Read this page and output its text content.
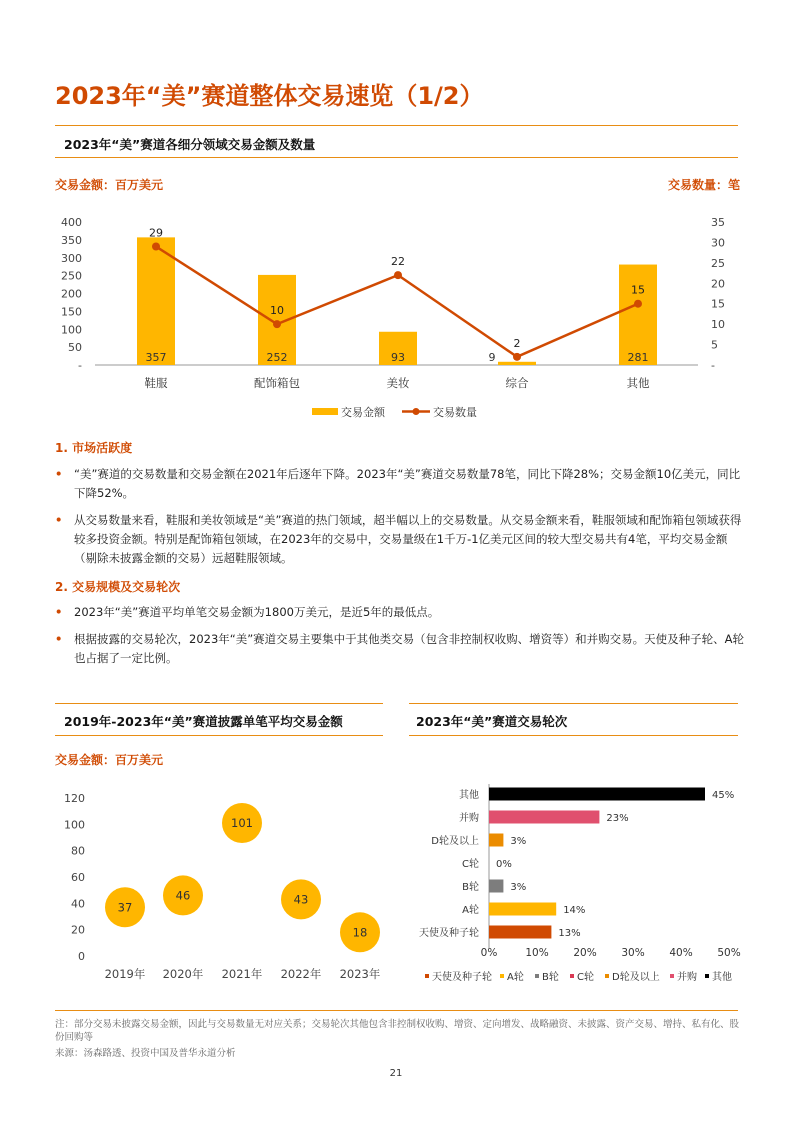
2023年“美”赛道整体交易速览（1/2）
2023年“美”赛道各细分领域交易金额及数量
交易金额：百万美元	交易数量：笔
-
50
100
150
200
250
300
350
400
-
5
10
15
20
25
30
35
357	252	93	9	281
29
10
22
2
15
鞋服	配饰箱包	美妆	综合	其他
交易金额	交易数量
1. 市场活跃度
• “美”赛道的交易数量和交易金额在2021年后逐年下降。2023年“美”赛道交易数量78笔，同比下降28%；交易金额10亿美元，同比下降52%。
• 从交易数量来看，鞋服和美妆领域是“美”赛道的热门领域，超半幅以上的交易数量。从交易金额来看，鞋服领域和配饰箱包领域获得较多投资金额。特别是配饰箱包领域，在2023年的交易中，交易量级在1千万-1亿美元区间的较大型交易共有4笔，平均交易金额（剔除未披露金额的交易）远超鞋服领域。
2. 交易规模及交易轮次
• 2023年“美”赛道平均单笔交易金额为1800万美元，是近5年的最低点。
• 根据披露的交易轮次，2023年“美”赛道交易主要集中于其他类交易（包含非控制权收购、增资等）和并购交易。天使及种子轮、A轮也占据了一定比例。
2019年-2023年“美”赛道披露单笔平均交易金额	2023年“美”赛道交易轮次
交易金额：百万美元
0
20
40
60
80
100
120
37
46
101
43
18
2019年 2020年 2021年 2022年 2023年
其他	45%
并购	23%
D轮及以上	3%
C轮 0%
B轮	3%
A轮	14%
天使及种子轮	13%
0%	10% 20% 30% 40% 50%
天使及种子轮 A轮 B轮 C轮 D轮及以上 并购 其他
注：部分交易未披露交易金额，因此与交易数量无对应关系；交易轮次其他包含非控制权收购、增资、定向增发、战略融资、未披露、资产交易、增持、私有化、股份回购等
来源：汤森路透、投资中国及普华永道分析
21
